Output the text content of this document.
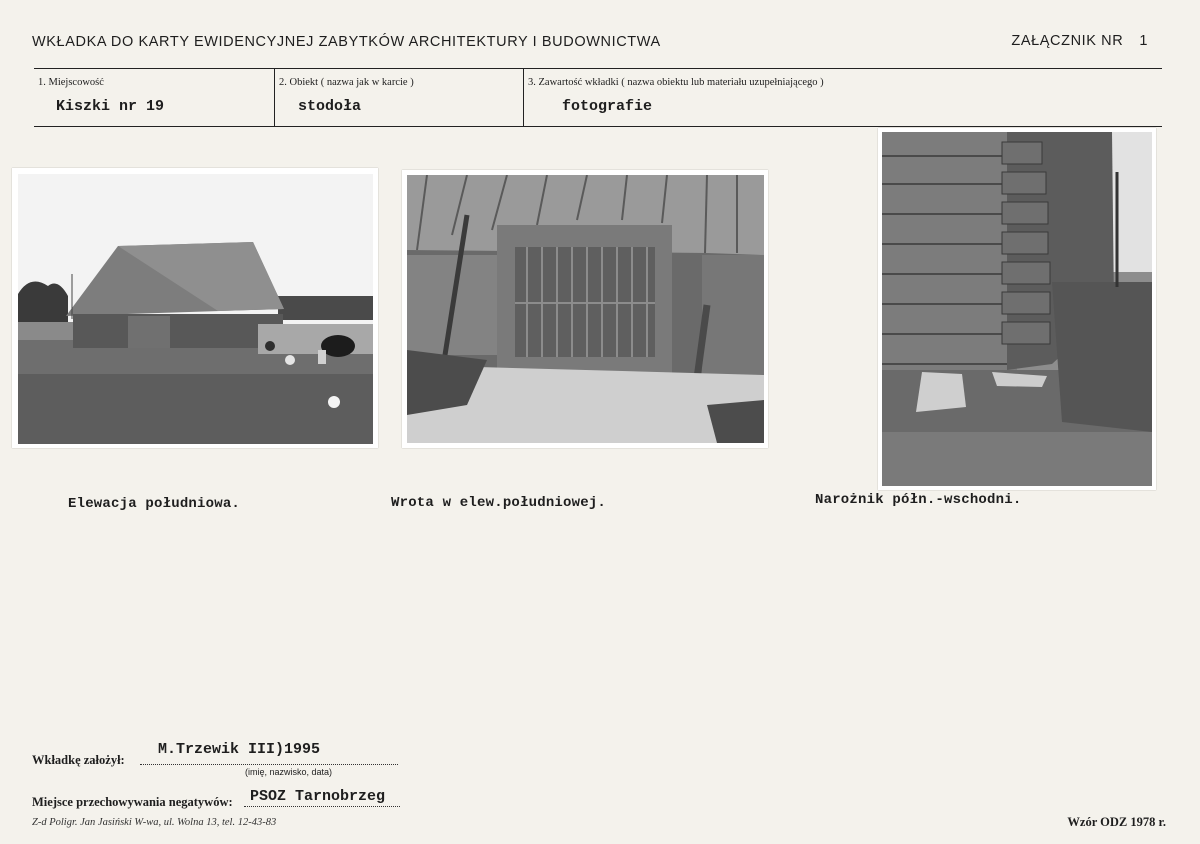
WKŁADKA DO KARTY EWIDENCYJNEJ ZABYTKÓW ARCHITEKTURY I BUDOWNICTWA	ZAŁĄCZNIK NR 1
1. Miejscowość
Kiszki nr 19
2. Obiekt ( nazwa jak w karcie )
stodoła
3. Zawartość wkładki ( nazwa obiektu lub materiału uzupełniającego )
fotografie
Elewacja południowa.	Wrota w elew.południowej.	Narożnik półn.-wschodni.
Wkładkę założył:
M.Trzewik III)1995
(imię, nazwisko, data)
Miejsce przechowywania negatywów: PSOZ Tarnobrzeg
Z-d Poligr. Jan Jasiński W-wa, ul. Wolna 13, tel. 12-43-83	Wzór ODZ 1978 r.
